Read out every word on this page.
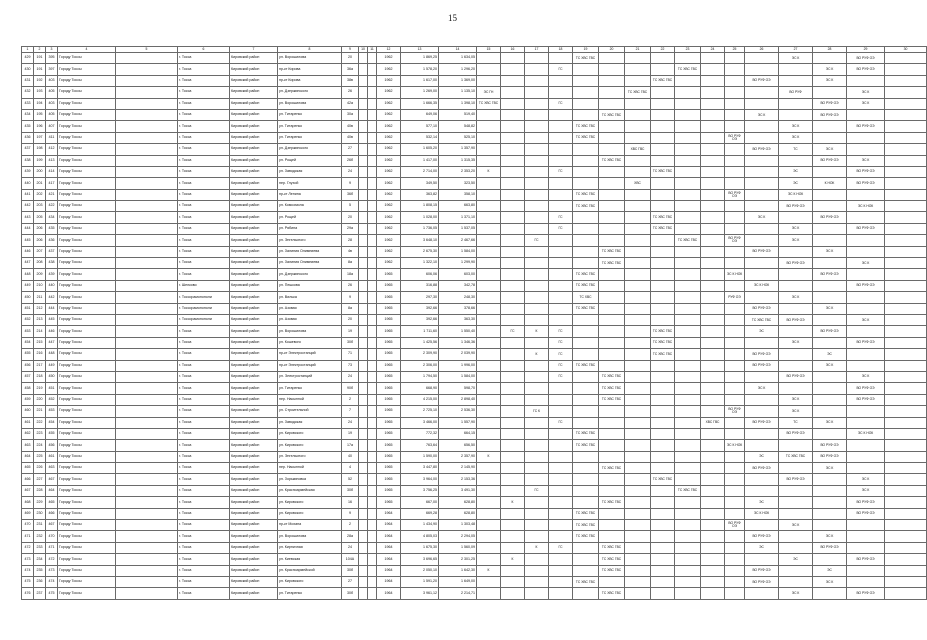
15
1	2	3	4	5	6	7	8	9	10	11	12	13	14	15	16	17	18	19	20	21	22	23	24	25	26	27	28	29	30
429	191	395	Городу Тоссы		г. Тосса	Кировский район	ул. Ворошилова	20			1962	1 869,25	1 634,05					ТС ХВС ГВС								ЭС К		ВО РУФ ОЭ	
430	191	397	Городу Тоссы		г. Тосса	Кировский район	пр-кт Кирова	36а			1962	1 578,20	1 296,20				ГС					ТС ХВС ГВС					ЭС К	ВО РУФ ОЭ	
431	192	403	Городу Тоссы		г. Тосса	Кировский район	пр-кт Кирова	38в			1962	1 617,00	1 369,00								ТС ХВС ГВС				ВО РУФ ОЭ		ЭС К		
432	193	405	Городу Тоссы		г. Тосса	Кировский район	ул. Дзержинского	26			1962	1 269,00	1 135,10	ЭС ГН						ТС ХВС ГВС						ВО РУФ		ЭС К	
433	194	403	Городу Тоссы		г. Тосса	Кировский район	ул. Ворошилова	42а			1962	1 666,35	1 398,10	ТС ХВС ГВС			ГС										ВО РУФ ОЭ	ЭС К	
434	195	405	Городу Тоссы		г. Тосса	Кировский район	ул. Титаренко	30а			1962	649,06	519,40						ТС ХВС ГВС						ЭС К		ВО РУФ ОЭ		
435	196	407	Городу Тоссы		г. Тосса	Кировский район	ул. Титаренко	40в			1962	577,10	548,82					ТС ХВС ГВС								ЭС К		ВО РУФ ОЭ	
436	197	411	Городу Тоссы		г. Тосса	Кировский район	ул. Титаренко	40в			1962	532,14	525,10					ТС ХВС ГВС						ВО РУФ ОЭ		ЭС К			
437	198	412	Городу Тоссы		г. Тосса	Кировский район	ул. Дзержинского	27			1962	1 605,20	1 357,90							ХВС ГВС					ВО РУФ ОЭ	ТС	ЭС К		
438	199	413	Городу Тоссы		г. Тосса	Кировский район	ул. Рощей	26б			1962	1 417,00	1 315,35						ТС ХВС ГВС								ВО РУФ ОЭ	ЭС К	
439	200	414	Городу Тоссы		г. Тосса	Кировский район	ул. Заводская	24			1962	2 714,00	2 353,20	К			ГС				ТС ХВС ГВС					ЭС		ВО РУФ ОЭ	
440	201	417	Городу Тоссы		г. Тосса	Кировский район	пер. Глухой	9			1962	349,50	323,50							ХВС						ЭС	К НОК	ВО РУФ ОЭ	
441	202	421	Городу Тоссы		г. Тосса	Кировский район	пр-кт Ленина	36б			1962	363,82	358,10					ТС ХВС ГВС						ВО РУФ ОЭ		ЭС К НОК			
442	203	422	Городу Тоссы		г. Тосса	Кировский район	ул. Комсомола	5			1962	1 808,15	663,80					ТС ХВС ГВС								ВО РУФ ОЭ		ЭС К НОК	
443	205	434	Городу Тоссы		г. Тосса	Кировский район	ул. Рощей	20			1962	1 028,00	1 371,10				ГС				ТС ХВС ГВС				ЭС К		ВО РУФ ОЭ		
444	206	435	Городу Тоссы		г. Тосса	Кировский район	ул. Рябина	29а			1962	1 736,05	1 537,05				ГС				ТС ХВС ГВС					ЭС К		ВО РУФ ОЭ	
445	206	436	Городу Тоссы		г. Тосса	Кировский район	ул. Энгельсного	28			1962	3 648,10	2 467,66			ГС						ТС ХВС ГВС		ВО РУФ ОЭ		ЭС К			
446	207	437	Городу Тоссы		г. Тосса	Кировский район	ул. Залиния Олимпиева	4в			1962	2 675,30	1 584,00						ТС ХВС ГВС						ВО РУФ ОЭ		ЭС К		
447	208	438	Городу Тоссы		г. Тосса	Кировский район	ул. Залиния Олимпиева	8а			1962	1 322,10	1 299,90						ТС ХВС ГВС							ВО РУФ ОЭ		ЭС К	
448	209	439	Городу Тоссы		г. Тосса	Кировский район	ул. Дзержинского	18а			1965	606,06	603,00					ТС ХВС ГВС						ЭС К НОК			ВО РУФ ОЭ		
449	210	440	Городу Тоссы		г. Шелково	Кировский район	ул. Пешкова	26			1965	316,88	342,78					ТС ХВС ГВС							ЭС К НОК			ВО РУФ ОЭ	
450	211	442	Городу Тоссы		г. Тоссорамонополи	Кировский район	ул. Вилька	9			1965	297,30	248,30					ТС ХВС						РУФ ОЭ		ЭС К			
451	212	444	Городу Тоссы		г. Тоссорамонополи	Кировский район	ул. Азовая	8а			1965	392,66	378,66					ТС ХВС ГВС							ВО РУФ ОЭ		ЭС К		
452	213	445	Городу Тоссы		г. Тоссорамонополи	Кировский район	ул. Азовая	20			1965	392,66	363,30												ТС ХВС ГВС	ВО РУФ ОЭ		ЭС К	
453	214	446	Городу Тоссы		г. Тосса	Кировский район	ул. Ворошилова	19			1965	1 711,60	1 550,40		ГС	К	ГС				ТС ХВС ГВС				ЭС		ВО РУФ ОЭ		
454	215	447	Городу Тоссы		г. Тосса	Кировский район	ул. Кошевого	30б			1965	1 425,56	1 346,36				ГС				ТС ХВС ГВС					ЭС К		ВО РУФ ОЭ	
455	216	448	Городу Тоссы		г. Тосса	Кировский район	пр-кт Электростанций	71			1965	2 309,90	2 039,90			К	ГС				ТС ХВС ГВС				ВО РУФ ОЭ		ЭС		
456	217	449	Городу Тоссы		г. Тосса	Кировский район	пр-кт Электростанций	73			1965	2 306,00	1 996,00				ГС	ТС ХВС ГВС							ВО РУФ ОЭ		ЭС К		
457	218	450	Городу Тоссы		г. Тосса	Кировский район	ул. Электростанций	24			1965	1 794,50	1 584,00				ГС		ТС ХВС ГВС							ВО РУФ ОЭ		ЭС К	
458	219	451	Городу Тоссы		г. Тосса	Кировский район	ул. Титаренко	90б			1965	668,90	598,70						ТС ХВС ГВС						ЭС К			ВО РУФ ОЭ	
459	220	452	Городу Тоссы		г. Тосса	Кировский район	пер. Насыпной	2			1965	4 215,00	2 898,40						ТС ХВС ГВС							ЭС К		ВО РУФ ОЭ	
460	221	453	Городу Тоссы		г. Тосса	Кировский район	ул. Строительной	7			1965	2 725,10	2 536,30			ГС К								ВО РУФ ОЭ		ЭС К			
461	222	454	Городу Тоссы		г. Тосса	Кировский район	ул. Заводская	24			1965	3 466,00	1 557,90				ГС						ХВС ГВС		ВО РУФ ОЭ	ТС	ЭС К		
462	223	455	Городу Тоссы		г. Тосса	Кировский район	ул. Кировского	19			1965	772,32	664,15					ТС ХВС ГВС								ВО РУФ ОЭ		ЭС К НОК	
463	224	456	Городу Тоссы		г. Тосса	Кировский район	ул. Кировского	17а			1965	763,64	656,50					ТС ХВС ГВС						ЭС К НОК			ВО РУФ ОЭ		
464	225	461	Городу Тоссы		г. Тосса	Кировский район	ул. Энгельсного	40			1965	1 590,00	2 357,90	К											ЭС	ТС ХВС ГВС	ВО РУФ ОЭ		
465	226	463	Городу Тоссы		г. Тосса	Кировский район	пер. Насыпной	4			1965	3 447,80	2 145,90						ТС ХВС ГВС						ВО РУФ ОЭ		ЭС К		
466	227	467	Городу Тоссы		г. Тосса	Кировский район	ул. Зорькиновка	52			1965	3 964,00	2 153,36								ТС ХВС ГВС					ВО РУФ ОЭ		ЭС К	
467	228	464	Городу Тоссы		г. Тосса	Кировский район	ул. Красноармейская	30б			1965	3 756,25	3 491,30			ГС						ТС ХВС ГВС						ЭС К	
468	229	465	Городу Тоссы		г. Тосса	Кировский район	ул. Кировского	16			1965	667,00	628,80		К				ТС ХВС ГВС						ЭС			ВО РУФ ОЭ	
469	230	466	Городу Тоссы		г. Тосса	Кировский район	ул. Кировского	9			1964	669,28	628,80					ТС ХВС ГВС							ЭС К НОК			ВО РУФ ОЭ	
470	231	467	Городу Тоссы		г. Тосса	Кировский район	пр-кт Мохана	2			1964	1 434,90	1 303,48					ТС ХВС ГВС						ВО РУФ ОЭ		ЭС К			
471	232	470	Городу Тоссы		г. Тосса	Кировский район	ул. Ворошилова	28а			1964	4 805,03	2 294,05					ТС ХВС ГВС							ВО РУФ ОЭ		ЭС К		
472	233	471	Городу Тоссы		г. Тосса	Кировский район	ул. Кирпичная	24			1964	1 675,30	1 560,09			К	ГС		ТС ХВС ГВС						ЭС		ВО РУФ ОЭ		
473	234	472	Городу Тоссы		г. Тосса	Кировский район	ул. Киевская	104А			1964	3 696,65	2 301,25		К				ТС ХВС ГВС							ЭС		ВО РУФ ОЭ	
474	235	473	Городу Тоссы		г. Тосса	Кировский район	ул. Красноармейской	30б			1964	2 050,10	1 642,30	К					ТС ХВС ГВС						ВО РУФ ОЭ		ЭС		
475	236	474	Городу Тоссы		г. Тосса	Кировский район	ул. Кировского	27			1964	1 591,20	1 649,00					ТС ХВС ГВС							ВО РУФ ОЭ		ЭС К		
476	237	475	Городу Тоссы		г. Тосса	Кировский район	ул. Титаренко	30б			1964	3 961,12	2 214,71						ТС ХВС ГВС							ЭС К		ВО РУФ ОЭ	
